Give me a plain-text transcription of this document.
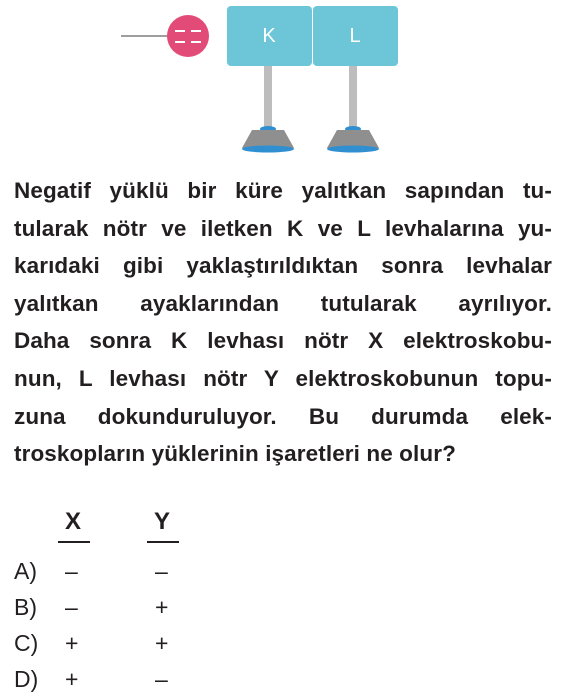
K	L
Negatif yüklü bir küre yalıtkan sapından tu-
tularak nötr ve iletken K ve L levhalarına yu-
karıdaki gibi yaklaştırıldıktan sonra levhalar
yalıtkan ayaklarından tutularak ayrılıyor.
Daha sonra K levhası nötr X elektroskobu-
nun, L levhası nötr Y elektroskobunun topu-
zuna dokunduruluyor. Bu durumda elek-
troskopların yüklerinin işaretleri ne olur?
X	Y
A) –	–
B) –	+
C) +	+
D) +	–
